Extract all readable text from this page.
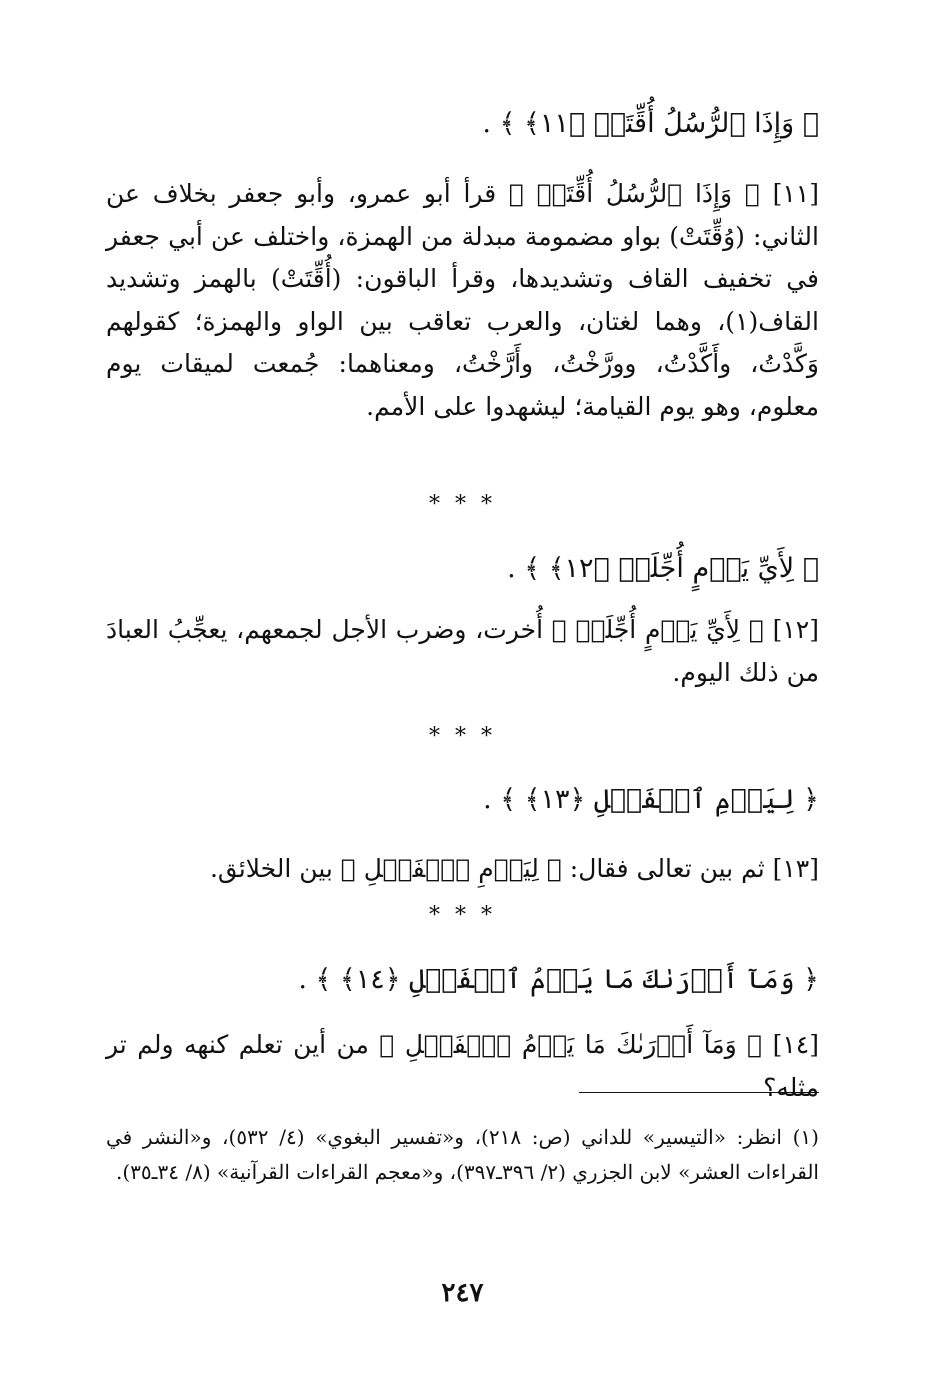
﴿ وَإِذَا ٱلرُّسُلُ أُقِّتَتۡ ﴿١١﴾ ﴾ .
[١١] ﴿ وَإِذَا ٱلرُّسُلُ أُقِّتَتۡ ﴾ قرأ أبو عمرو، وأبو جعفر بخلاف عن الثاني: (وُقِّتَتْ) بواو مضمومة مبدلة من الهمزة، واختلف عن أبي جعفر في تخفيف القاف وتشديدها، وقرأ الباقون: (أُقِّتَتْ) بالهمز وتشديد القاف(١)، وهما لغتان، والعرب تعاقب بين الواو والهمزة؛ كقولهم وَكَّدْتُ، وأَكَّدْتُ، وورَّخْتُ، وأَرَّخْتُ، ومعناهما: جُمعت لميقات يوم معلوم، وهو يوم القيامة؛ ليشهدوا على الأمم.
* * *
﴿ لِأَيِّ يَوۡمٍ أُجِّلَتۡ ﴿١٢﴾ ﴾ .
[١٢] ﴿ لِأَيِّ يَوۡمٍ أُجِّلَتۡ ﴾ أُخرت، وضرب الأجل لجمعهم، يعجِّبُ العبادَ من ذلك اليوم.
* * *
﴿ لِيَوۡمِ ٱلۡفَصۡلِ ﴿١٣﴾ ﴾ .
[١٣] ثم بين تعالى فقال: ﴿ لِيَوۡمِ ٱلۡفَصۡلِ ﴾ بين الخلائق.
* * *
﴿ وَمَآ أَدۡرَىٰكَ مَا يَوۡمُ ٱلۡفَصۡلِ ﴿١٤﴾ ﴾ .
[١٤] ﴿ وَمَآ أَدۡرَىٰكَ مَا يَوۡمُ ٱلۡفَصۡلِ ﴾ من أين تعلم كنهه ولم تر مثله؟
(١) انظر: «التيسير» للداني (ص: ٢١٨)، و«تفسير البغوي» (٤/ ٥٣٢)، و«النشر في القراءات العشر» لابن الجزري (٢/ ٣٩٦ـ٣٩٧)، و«معجم القراءات القرآنية» (٨/ ٣٤ـ٣٥).
٢٤٧
